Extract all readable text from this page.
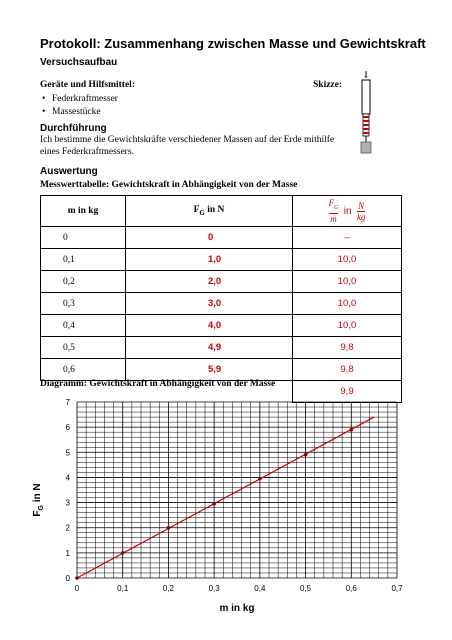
Protokoll: Zusammenhang zwischen Masse und Gewichtskraft
Versuchsaufbau
Geräte und Hilfsmittel:	Skizze:
• Federkraftmesser
• Massestücke
Durchführung
Ich bestimme die Gewichtskräfte verschiedener Massen auf der Erde mithilfe eines Federkraftmessers.
Auswertung
Messwerttabelle: Gewichtskraft in Abhängigkeit von der Masse
m in kg	$F_G$ in N	$\frac{F_G}{m}$ in $\frac{N}{kg}$

0	0	–
0,1	1,0	10,0
0,2	2,0	10,0
0,3	3,0	10,0
0,4	4,0	10,0
0,5	4,9	9,8
0,6	5,9	9,8
		9,9
Diagramm: Gewichtskraft in Abhängigkeit von der Masse
0	0,1	0,2	0,3	0,4	0,5	0,6	0,7
0
1
2
3
4
5
6
7
m in kg
$F_G$ in N
